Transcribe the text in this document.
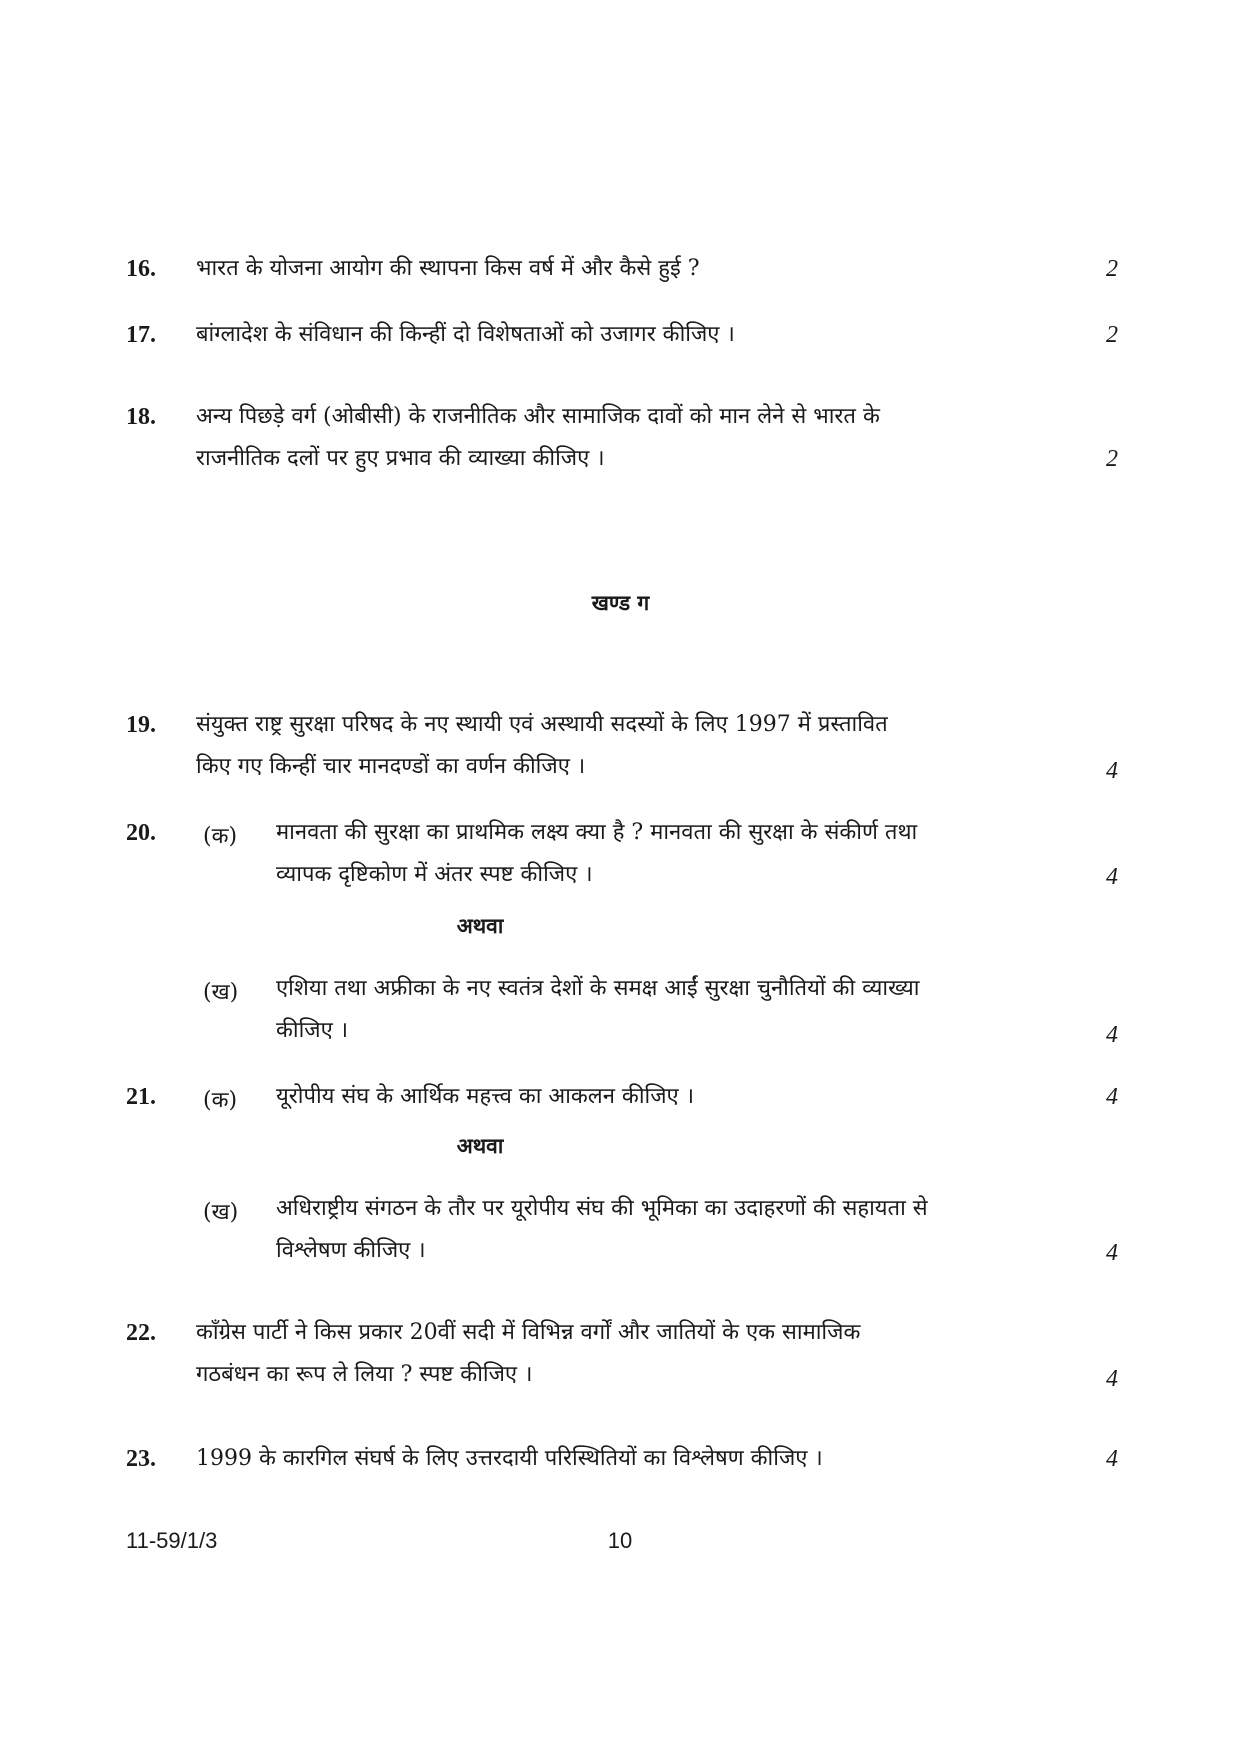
16. भारत के योजना आयोग की स्थापना किस वर्ष में और कैसे हुई ?	2
17. बांग्लादेश के संविधान की किन्हीं दो विशेषताओं को उजागर कीजिए ।	2
18. अन्य पिछड़े वर्ग (ओबीसी) के राजनीतिक और सामाजिक दावों को मान लेने से भारत के
राजनीतिक दलों पर हुए प्रभाव की व्याख्या कीजिए ।	2
खण्ड ग
19. संयुक्त राष्ट्र सुरक्षा परिषद के नए स्थायी एवं अस्थायी सदस्यों के लिए 1997 में प्रस्तावित
किए गए किन्हीं चार मानदण्डों का वर्णन कीजिए ।	4
20. (क) मानवता की सुरक्षा का प्राथमिक लक्ष्य क्या है ? मानवता की सुरक्षा के संकीर्ण तथा
व्यापक दृष्टिकोण में अंतर स्पष्ट कीजिए ।	4
अथवा
(ख) एशिया तथा अफ्रीका के नए स्वतंत्र देशों के समक्ष आईं सुरक्षा चुनौतियों की व्याख्या
कीजिए ।	4
21. (क) यूरोपीय संघ के आर्थिक महत्त्व का आकलन कीजिए ।	4
अथवा
(ख) अधिराष्ट्रीय संगठन के तौर पर यूरोपीय संघ की भूमिका का उदाहरणों की सहायता से
विश्लेषण कीजिए ।	4
22. काँग्रेस पार्टी ने किस प्रकार 20वीं सदी में विभिन्न वर्गों और जातियों के एक सामाजिक
गठबंधन का रूप ले लिया ? स्पष्ट कीजिए ।	4
23. 1999 के कारगिल संघर्ष के लिए उत्तरदायी परिस्थितियों का विश्लेषण कीजिए ।	4
11-59/1/3	10
